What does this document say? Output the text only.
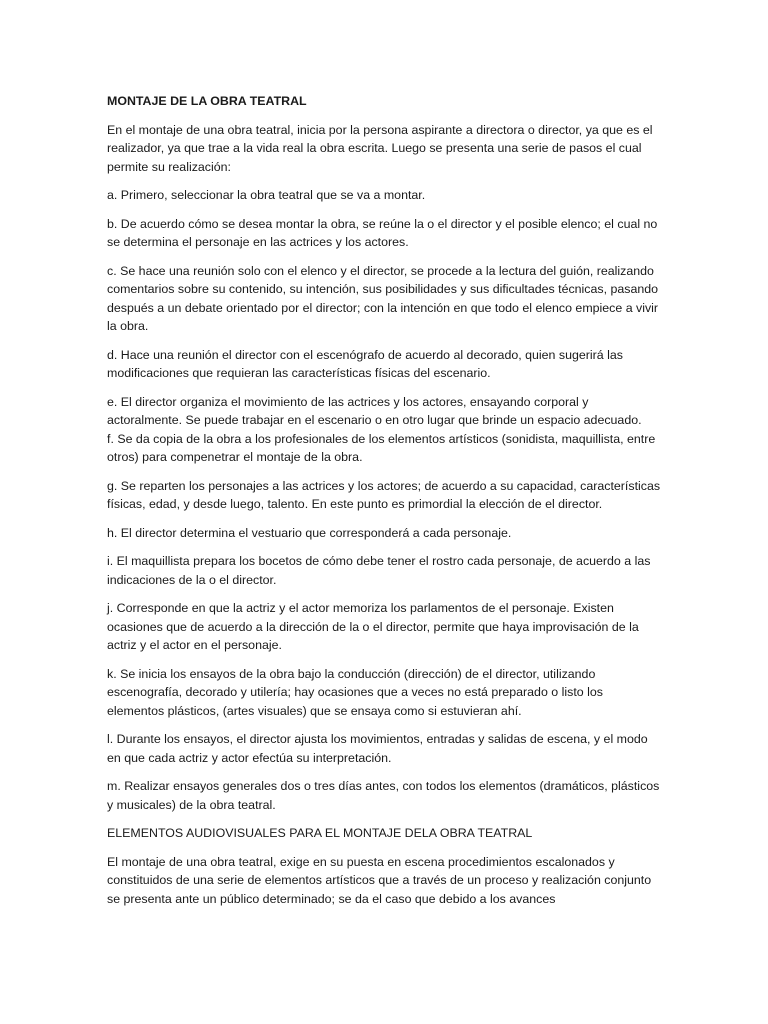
MONTAJE DE LA OBRA TEATRAL

En el montaje de una obra teatral, inicia por la persona aspirante a directora o director, ya que es el realizador, ya que trae a la vida real la obra escrita. Luego se presenta una serie de pasos el cual permite su realización:

a. Primero, seleccionar la obra teatral que se va a montar.

b. De acuerdo cómo se desea montar la obra, se reúne la o el director y el posible elenco; el cual no se determina el personaje en las actrices y los actores.

c. Se hace una reunión solo con el elenco y el director, se procede a la lectura del guión, realizando comentarios sobre su contenido, su intención, sus posibilidades y sus dificultades técnicas, pasando después a un debate orientado por el director; con la intención en que todo el elenco empiece a vivir la obra.

d. Hace una reunión el director con el escenógrafo de acuerdo al decorado, quien sugerirá las modificaciones que requieran las características físicas del escenario.

e. El director organiza el movimiento de las actrices y los actores, ensayando corporal y actoralmente. Se puede trabajar en el escenario o en otro lugar que brinde un espacio adecuado.

f. Se da copia de la obra a los profesionales de los elementos artísticos (sonidista, maquillista, entre otros) para compenetrar el montaje de la obra.

g. Se reparten los personajes a las actrices y los actores; de acuerdo a su capacidad, características físicas, edad, y desde luego, talento. En este punto es primordial la elección de el director.

h. El director determina el vestuario que corresponderá a cada personaje.

i. El maquillista prepara los bocetos de cómo debe tener el rostro cada personaje, de acuerdo a las indicaciones de la o el director.

j. Corresponde en que la actriz y el actor memoriza los parlamentos de el personaje. Existen ocasiones que de acuerdo a la dirección de la o el director, permite que haya improvisación de la actriz y el actor en el personaje.

k. Se inicia los ensayos de la obra bajo la conducción (dirección) de el director, utilizando escenografía, decorado y utilería; hay ocasiones que a veces no está preparado o listo los elementos plásticos, (artes visuales) que se ensaya como si estuvieran ahí.

l. Durante los ensayos, el director ajusta los movimientos, entradas y salidas de escena, y el modo en que cada actriz y actor efectúa su interpretación.

m. Realizar ensayos generales dos o tres días antes, con todos los elementos (dramáticos, plásticos y musicales) de la obra teatral.

ELEMENTOS AUDIOVISUALES PARA EL MONTAJE DELA OBRA TEATRAL

El montaje de una obra teatral, exige en su puesta en escena procedimientos escalonados y constituidos de una serie de elementos artísticos que a través de un proceso y realización conjunto se presenta ante un público determinado; se da el caso que debido a los avances
